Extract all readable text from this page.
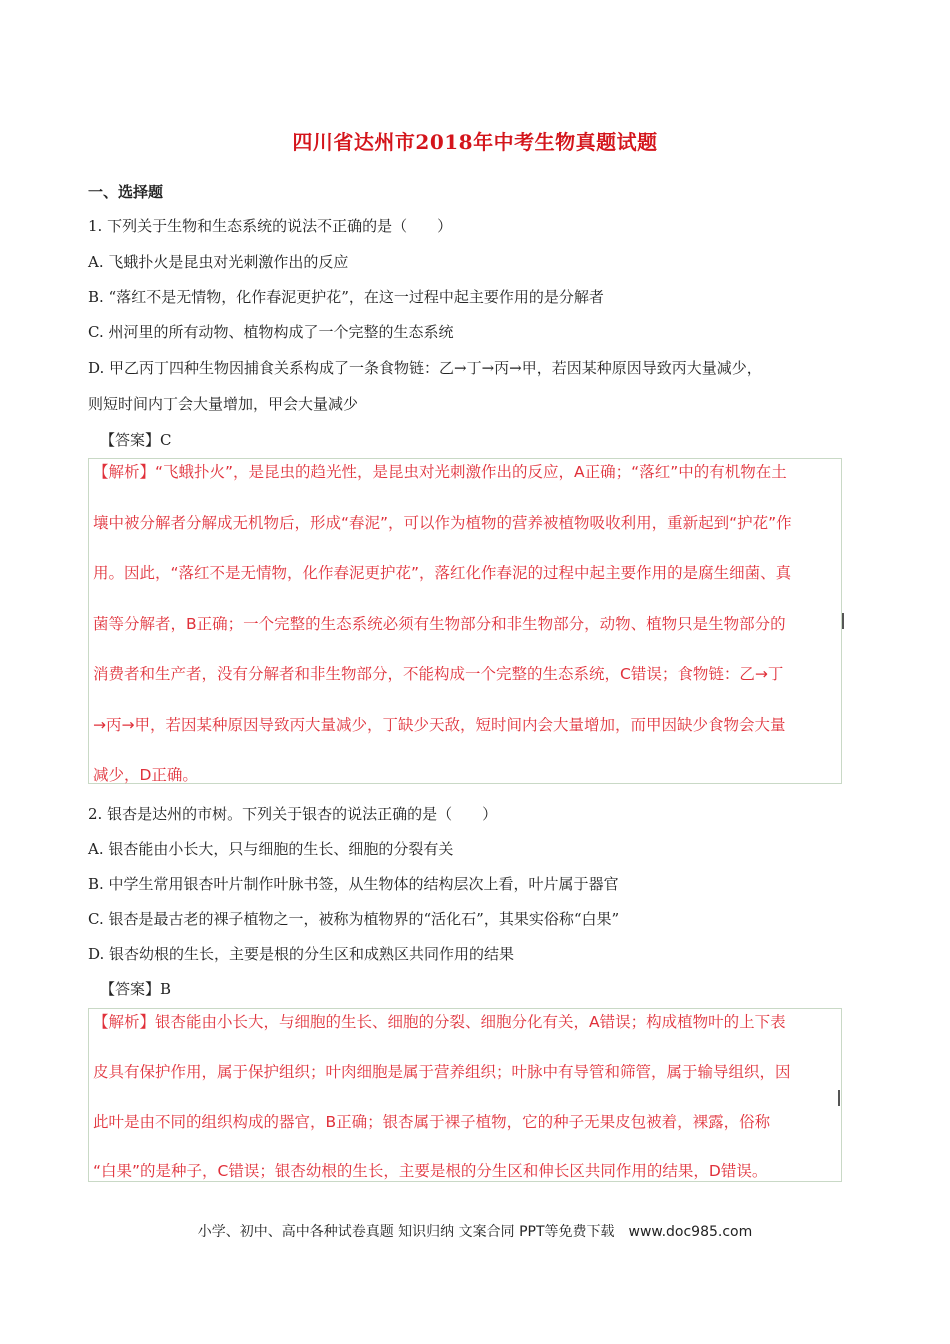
四川省达州市2018年中考生物真题试题
一、选择题
1. 下列关于生物和生态系统的说法不正确的是（　　）
A. 飞蛾扑火是昆虫对光刺激作出的反应
B. “落红不是无情物，化作春泥更护花”，在这一过程中起主要作用的是分解者
C. 州河里的所有动物、植物构成了一个完整的生态系统
D. 甲乙丙丁四种生物因捕食关系构成了一条食物链：乙→丁→丙→甲，若因某种原因导致丙大量减少，
则短时间内丁会大量增加，甲会大量减少
【答案】C
【解析】“飞蛾扑火”，是昆虫的趋光性，是昆虫对光刺激作出的反应，A正确；“落红”中的有机物在土
壤中被分解者分解成无机物后，形成“春泥”，可以作为植物的营养被植物吸收利用，重新起到“护花”作
用。因此，“落红不是无情物，化作春泥更护花”，落红化作春泥的过程中起主要作用的是腐生细菌、真
菌等分解者，B正确；一个完整的生态系统必须有生物部分和非生物部分，动物、植物只是生物部分的
消费者和生产者，没有分解者和非生物部分，不能构成一个完整的生态系统，C错误；食物链：乙→丁
→丙→甲，若因某种原因导致丙大量减少，丁缺少天敌，短时间内会大量增加，而甲因缺少食物会大量
减少，D正确。
2. 银杏是达州的市树。下列关于银杏的说法正确的是（　　）
A. 银杏能由小长大，只与细胞的生长、细胞的分裂有关
B. 中学生常用银杏叶片制作叶脉书签，从生物体的结构层次上看，叶片属于器官
C. 银杏是最古老的裸子植物之一，被称为植物界的“活化石”，其果实俗称“白果”
D. 银杏幼根的生长，主要是根的分生区和成熟区共同作用的结果
【答案】B
【解析】银杏能由小长大，与细胞的生长、细胞的分裂、细胞分化有关，A错误；构成植物叶的上下表
皮具有保护作用，属于保护组织；叶肉细胞是属于营养组织；叶脉中有导管和筛管，属于输导组织，因
此叶是由不同的组织构成的器官，B正确；银杏属于裸子植物，它的种子无果皮包被着，裸露，俗称
“白果”的是种子，C错误；银杏幼根的生长，主要是根的分生区和伸长区共同作用的结果，D错误。
小学、初中、高中各种试卷真题 知识归纳 文案合同 PPT等免费下载　www.doc985.com
